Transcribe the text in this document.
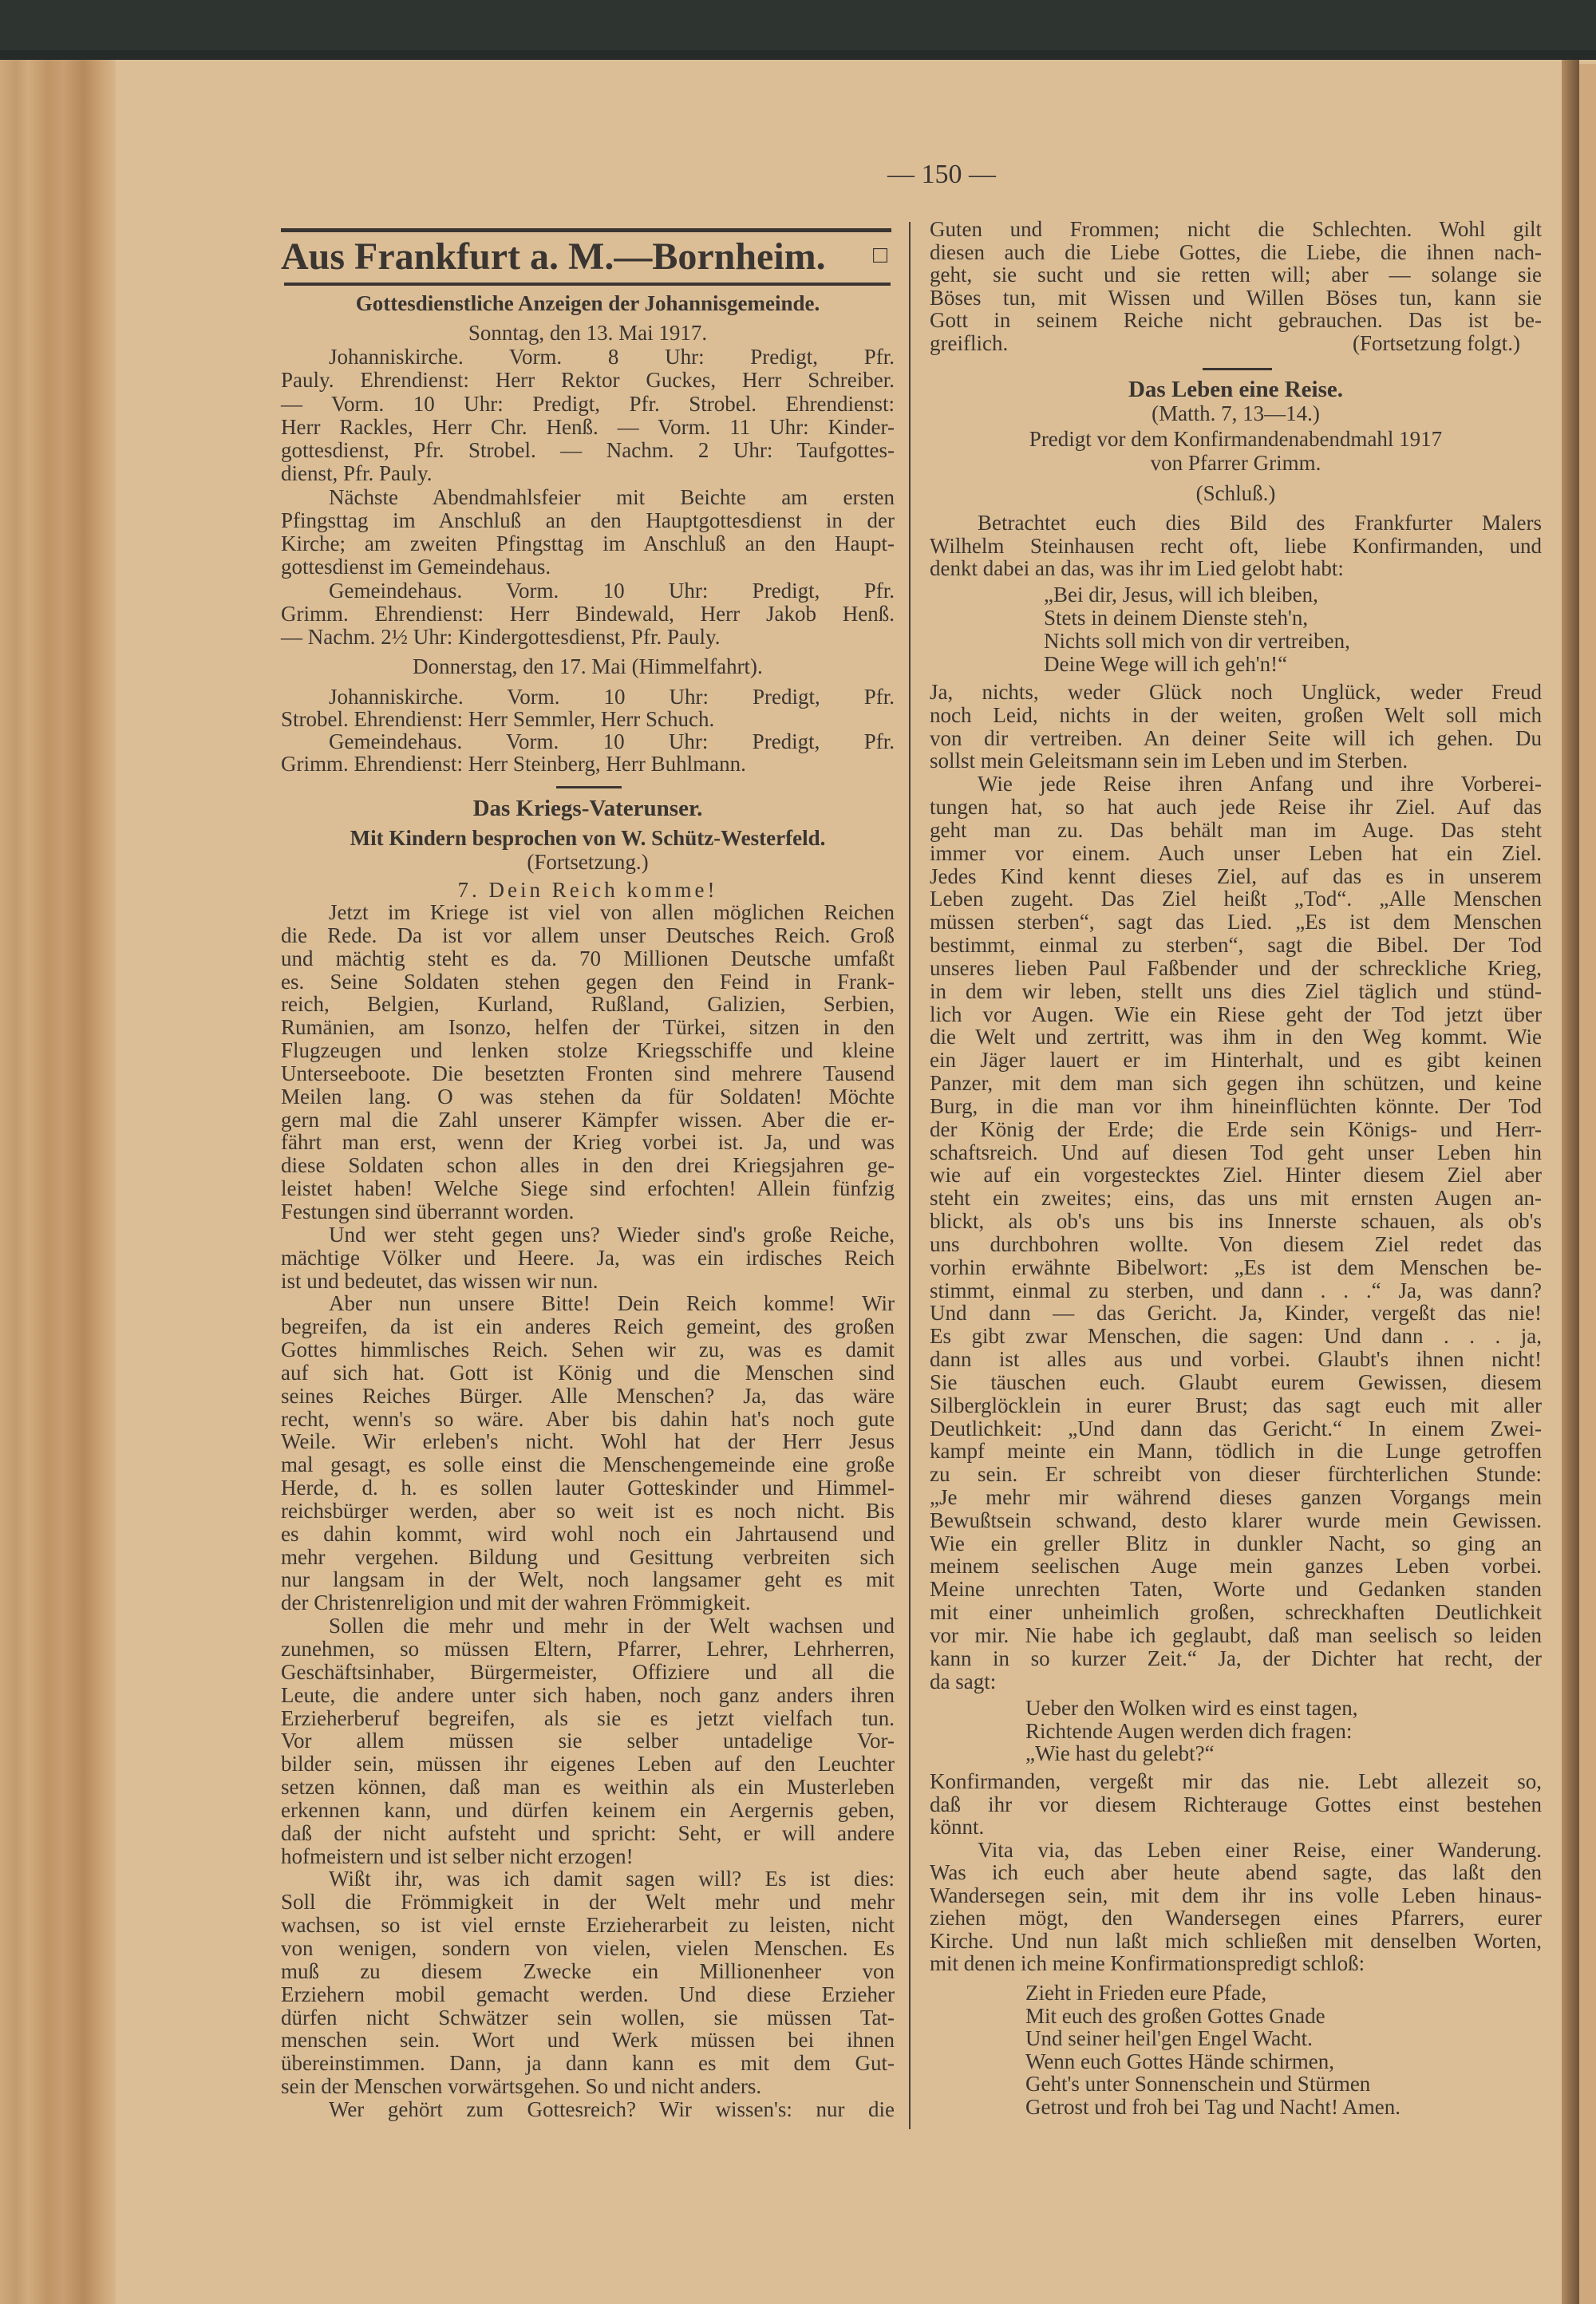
— 150 —
Aus Frankfurt a. M.—Bornheim.	□
Gottesdienstliche Anzeigen der Johannisgemeinde.
Sonntag, den 13. Mai 1917.
Johanniskirche. Vorm. 8 Uhr: Predigt, Pfr.
Pauly. Ehrendienst: Herr Rektor Guckes, Herr Schreiber.
— Vorm. 10 Uhr: Predigt, Pfr. Strobel. Ehrendienst:
Herr Rackles, Herr Chr. Henß. — Vorm. 11 Uhr: Kinder-
gottesdienst, Pfr. Strobel. — Nachm. 2 Uhr: Taufgottes-
dienst, Pfr. Pauly.
Nächste Abendmahlsfeier mit Beichte am ersten
Pfingsttag im Anschluß an den Hauptgottesdienst in der
Kirche; am zweiten Pfingsttag im Anschluß an den Haupt-
gottesdienst im Gemeindehaus.
Gemeindehaus. Vorm. 10 Uhr: Predigt, Pfr.
Grimm. Ehrendienst: Herr Bindewald, Herr Jakob Henß.
— Nachm. 2½ Uhr: Kindergottesdienst, Pfr. Pauly.
Donnerstag, den 17. Mai (Himmelfahrt).
Johanniskirche. Vorm. 10 Uhr: Predigt, Pfr.
Strobel. Ehrendienst: Herr Semmler, Herr Schuch.
Gemeindehaus. Vorm. 10 Uhr: Predigt, Pfr.
Grimm. Ehrendienst: Herr Steinberg, Herr Buhlmann.
Das Kriegs-Vaterunser.
Mit Kindern besprochen von W. Schütz-Westerfeld.
(Fortsetzung.)
7. Dein Reich komme!
Jetzt im Kriege ist viel von allen möglichen Reichen
die Rede. Da ist vor allem unser Deutsches Reich. Groß
und mächtig steht es da. 70 Millionen Deutsche umfaßt
es. Seine Soldaten stehen gegen den Feind in Frank-
reich, Belgien, Kurland, Rußland, Galizien, Serbien,
Rumänien, am Isonzo, helfen der Türkei, sitzen in den
Flugzeugen und lenken stolze Kriegsschiffe und kleine
Unterseeboote. Die besetzten Fronten sind mehrere Tausend
Meilen lang. O was stehen da für Soldaten! Möchte
gern mal die Zahl unserer Kämpfer wissen. Aber die er-
fährt man erst, wenn der Krieg vorbei ist. Ja, und was
diese Soldaten schon alles in den drei Kriegsjahren ge-
leistet haben! Welche Siege sind erfochten! Allein fünfzig
Festungen sind überrannt worden.
Und wer steht gegen uns? Wieder sind's große Reiche,
mächtige Völker und Heere. Ja, was ein irdisches Reich
ist und bedeutet, das wissen wir nun.
Aber nun unsere Bitte! Dein Reich komme! Wir
begreifen, da ist ein anderes Reich gemeint, des großen
Gottes himmlisches Reich. Sehen wir zu, was es damit
auf sich hat. Gott ist König und die Menschen sind
seines Reiches Bürger. Alle Menschen? Ja, das wäre
recht, wenn's so wäre. Aber bis dahin hat's noch gute
Weile. Wir erleben's nicht. Wohl hat der Herr Jesus
mal gesagt, es solle einst die Menschengemeinde eine große
Herde, d. h. es sollen lauter Gotteskinder und Himmel-
reichsbürger werden, aber so weit ist es noch nicht. Bis
es dahin kommt, wird wohl noch ein Jahrtausend und
mehr vergehen. Bildung und Gesittung verbreiten sich
nur langsam in der Welt, noch langsamer geht es mit
der Christenreligion und mit der wahren Frömmigkeit.
Sollen die mehr und mehr in der Welt wachsen und
zunehmen, so müssen Eltern, Pfarrer, Lehrer, Lehrherren,
Geschäftsinhaber, Bürgermeister, Offiziere und all die
Leute, die andere unter sich haben, noch ganz anders ihren
Erzieherberuf begreifen, als sie es jetzt vielfach tun.
Vor allem müssen sie selber untadelige Vor-
bilder sein, müssen ihr eigenes Leben auf den Leuchter
setzen können, daß man es weithin als ein Musterleben
erkennen kann, und dürfen keinem ein Aergernis geben,
daß der nicht aufsteht und spricht: Seht, er will andere
hofmeistern und ist selber nicht erzogen!
Wißt ihr, was ich damit sagen will? Es ist dies:
Soll die Frömmigkeit in der Welt mehr und mehr
wachsen, so ist viel ernste Erzieherarbeit zu leisten, nicht
von wenigen, sondern von vielen, vielen Menschen. Es
muß zu diesem Zwecke ein Millionenheer von
Erziehern mobil gemacht werden. Und diese Erzieher
dürfen nicht Schwätzer sein wollen, sie müssen Tat-
menschen sein. Wort und Werk müssen bei ihnen
übereinstimmen. Dann, ja dann kann es mit dem Gut-
sein der Menschen vorwärtsgehen. So und nicht anders.
Wer gehört zum Gottesreich? Wir wissen's: nur die
Guten und Frommen; nicht die Schlechten. Wohl gilt
diesen auch die Liebe Gottes, die Liebe, die ihnen nach-
geht, sie sucht und sie retten will; aber — solange sie
Böses tun, mit Wissen und Willen Böses tun, kann sie
Gott in seinem Reiche nicht gebrauchen. Das ist be-
greiflich.	(Fortsetzung folgt.)
Das Leben eine Reise.
(Matth. 7, 13—14.)
Predigt vor dem Konfirmandenabendmahl 1917
von Pfarrer Grimm.
(Schluß.)
Betrachtet euch dies Bild des Frankfurter Malers
Wilhelm Steinhausen recht oft, liebe Konfirmanden, und
denkt dabei an das, was ihr im Lied gelobt habt:
„Bei dir, Jesus, will ich bleiben,
Stets in deinem Dienste steh'n,
Nichts soll mich von dir vertreiben,
Deine Wege will ich geh'n!“
Ja, nichts, weder Glück noch Unglück, weder Freud
noch Leid, nichts in der weiten, großen Welt soll mich
von dir vertreiben. An deiner Seite will ich gehen. Du
sollst mein Geleitsmann sein im Leben und im Sterben.
Wie jede Reise ihren Anfang und ihre Vorberei-
tungen hat, so hat auch jede Reise ihr Ziel. Auf das
geht man zu. Das behält man im Auge. Das steht
immer vor einem. Auch unser Leben hat ein Ziel.
Jedes Kind kennt dieses Ziel, auf das es in unserem
Leben zugeht. Das Ziel heißt „Tod“. „Alle Menschen
müssen sterben“, sagt das Lied. „Es ist dem Menschen
bestimmt, einmal zu sterben“, sagt die Bibel. Der Tod
unseres lieben Paul Faßbender und der schreckliche Krieg,
in dem wir leben, stellt uns dies Ziel täglich und stünd-
lich vor Augen. Wie ein Riese geht der Tod jetzt über
die Welt und zertritt, was ihm in den Weg kommt. Wie
ein Jäger lauert er im Hinterhalt, und es gibt keinen
Panzer, mit dem man sich gegen ihn schützen, und keine
Burg, in die man vor ihm hineinflüchten könnte. Der Tod
der König der Erde; die Erde sein Königs- und Herr-
schaftsreich. Und auf diesen Tod geht unser Leben hin
wie auf ein vorgestecktes Ziel. Hinter diesem Ziel aber
steht ein zweites; eins, das uns mit ernsten Augen an-
blickt, als ob's uns bis ins Innerste schauen, als ob's
uns durchbohren wollte. Von diesem Ziel redet das
vorhin erwähnte Bibelwort: „Es ist dem Menschen be-
stimmt, einmal zu sterben, und dann . . .“ Ja, was dann?
Und dann — das Gericht. Ja, Kinder, vergeßt das nie!
Es gibt zwar Menschen, die sagen: Und dann . . . ja,
dann ist alles aus und vorbei. Glaubt's ihnen nicht!
Sie täuschen euch. Glaubt eurem Gewissen, diesem
Silberglöcklein in eurer Brust; das sagt euch mit aller
Deutlichkeit: „Und dann das Gericht.“ In einem Zwei-
kampf meinte ein Mann, tödlich in die Lunge getroffen
zu sein. Er schreibt von dieser fürchterlichen Stunde:
„Je mehr mir während dieses ganzen Vorgangs mein
Bewußtsein schwand, desto klarer wurde mein Gewissen.
Wie ein greller Blitz in dunkler Nacht, so ging an
meinem seelischen Auge mein ganzes Leben vorbei.
Meine unrechten Taten, Worte und Gedanken standen
mit einer unheimlich großen, schreckhaften Deutlichkeit
vor mir. Nie habe ich geglaubt, daß man seelisch so leiden
kann in so kurzer Zeit.“ Ja, der Dichter hat recht, der
da sagt:
Ueber den Wolken wird es einst tagen,
Richtende Augen werden dich fragen:
„Wie hast du gelebt?“
Konfirmanden, vergeßt mir das nie. Lebt allezeit so,
daß ihr vor diesem Richterauge Gottes einst bestehen
könnt.
Vita via, das Leben einer Reise, einer Wanderung.
Was ich euch aber heute abend sagte, das laßt den
Wandersegen sein, mit dem ihr ins volle Leben hinaus-
ziehen mögt, den Wandersegen eines Pfarrers, eurer
Kirche. Und nun laßt mich schließen mit denselben Worten,
mit denen ich meine Konfirmationspredigt schloß:
Zieht in Frieden eure Pfade,
Mit euch des großen Gottes Gnade
Und seiner heil'gen Engel Wacht.
Wenn euch Gottes Hände schirmen,
Geht's unter Sonnenschein und Stürmen
Getrost und froh bei Tag und Nacht! Amen.
